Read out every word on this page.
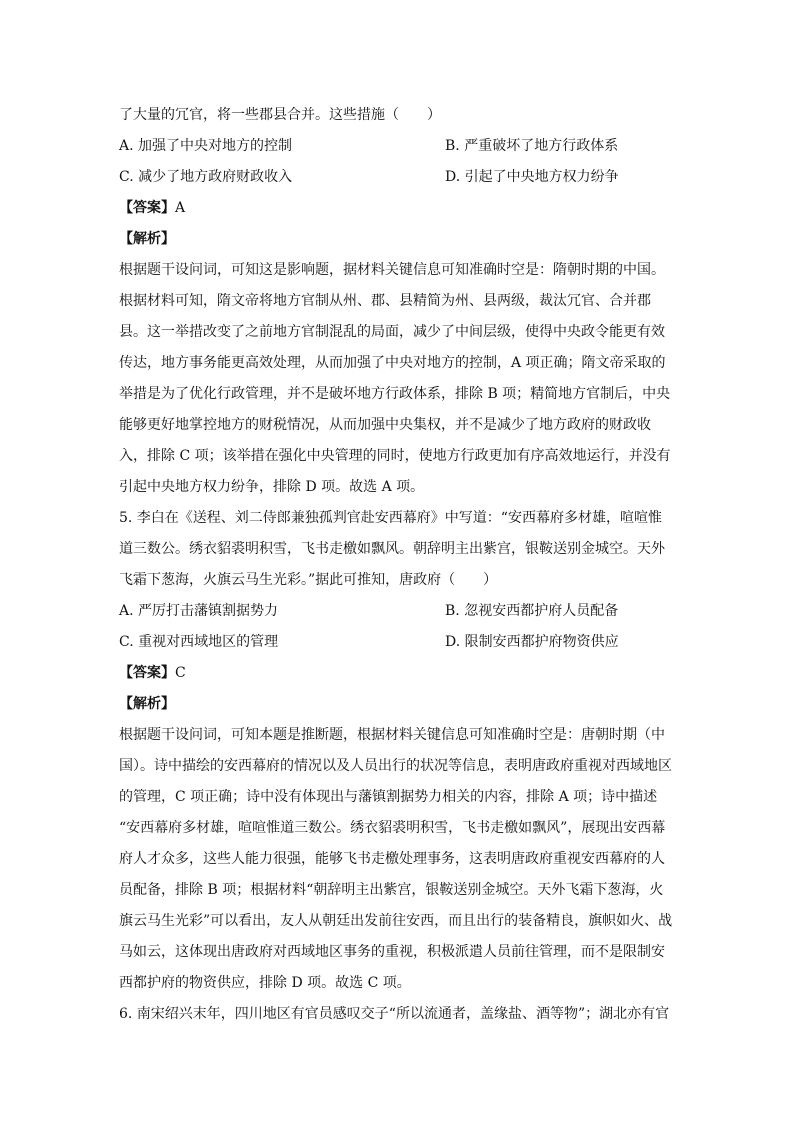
了大量的冗官，将一些郡县合并。这些措施（　　）

A. 加强了中央对地方的控制	B. 严重破坏了地方行政体系
C. 减少了地方政府财政收入	D. 引起了中央地方权力纷争

【答案】A

【解析】

根据题干设问词，可知这是影响题，据材料关键信息可知准确时空是：隋朝时期的中国。

根据材料可知，隋文帝将地方官制从州、郡、县精简为州、县两级，裁汰冗官、合并郡

县。这一举措改变了之前地方官制混乱的局面，减少了中间层级，使得中央政令能更有效

传达，地方事务能更高效处理，从而加强了中央对地方的控制，A 项正确；隋文帝采取的

举措是为了优化行政管理，并不是破坏地方行政体系，排除 B 项；精简地方官制后，中央

能够更好地掌控地方的财税情况，从而加强中央集权，并不是减少了地方政府的财政收

入，排除 C 项；该举措在强化中央管理的同时，使地方行政更加有序高效地运行，并没有

引起中央地方权力纷争，排除 D 项。故选 A 项。

5. 李白在《送程、刘二侍郎兼独孤判官赴安西幕府》中写道：“安西幕府多材雄，喧喧惟

道三数公。绣衣貂裘明积雪，飞书走檄如飘风。朝辞明主出紫宫，银鞍送别金城空。天外

飞霜下葱海，火旗云马生光彩。”据此可推知，唐政府（　　）

A. 严厉打击藩镇割据势力	B. 忽视安西都护府人员配备
C. 重视对西域地区的管理	D. 限制安西都护府物资供应

【答案】C

【解析】

根据题干设问词，可知本题是推断题，根据材料关键信息可知准确时空是：唐朝时期（中

国）。诗中描绘的安西幕府的情况以及人员出行的状况等信息，表明唐政府重视对西域地区

的管理，C 项正确；诗中没有体现出与藩镇割据势力相关的内容，排除 A 项；诗中描述

“安西幕府多材雄，喧喧惟道三数公。绣衣貂裘明积雪，飞书走檄如飘风”，展现出安西幕

府人才众多，这些人能力很强，能够飞书走檄处理事务，这表明唐政府重视安西幕府的人

员配备，排除 B 项；根据材料“朝辞明主出紫宫，银鞍送别金城空。天外飞霜下葱海，火

旗云马生光彩”可以看出，友人从朝廷出发前往安西，而且出行的装备精良，旗帜如火、战

马如云，这体现出唐政府对西域地区事务的重视，积极派遣人员前往管理，而不是限制安

西都护府的物资供应，排除 D 项。故选 C 项。

6. 南宋绍兴末年，四川地区有官员感叹交子“所以流通者，盖缘盐、酒等物”；湖北亦有官
